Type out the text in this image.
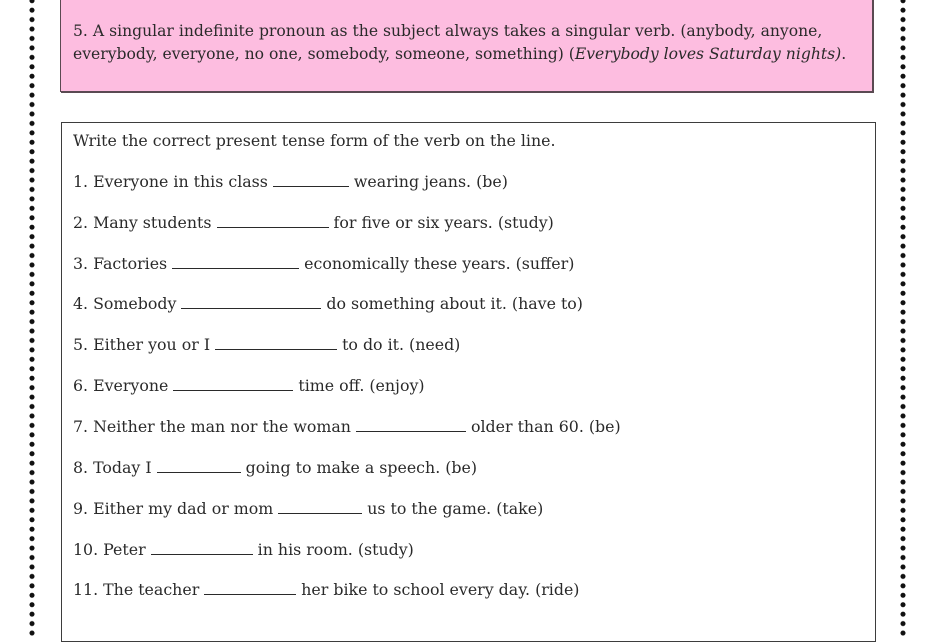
5. A singular indefinite pronoun as the subject always takes a singular verb. (anybody, anyone, everybody, everyone, no one, somebody, someone, something) (Everybody loves Saturday nights).
Write the correct present tense form of the verb on the line.
1. Everyone in this class	wearing jeans. (be)
2. Many students	for five or six years. (study)
3. Factories	economically these years. (suffer)
4. Somebody	do something about it. (have to)
5. Either you or I	to do it. (need)
6. Everyone	time off. (enjoy)
7. Neither the man nor the woman	older than 60. (be)
8. Today I	going to make a speech. (be)
9. Either my dad or mom	us to the game. (take)
10. Peter	in his room. (study)
11. The teacher	her bike to school every day. (ride)
